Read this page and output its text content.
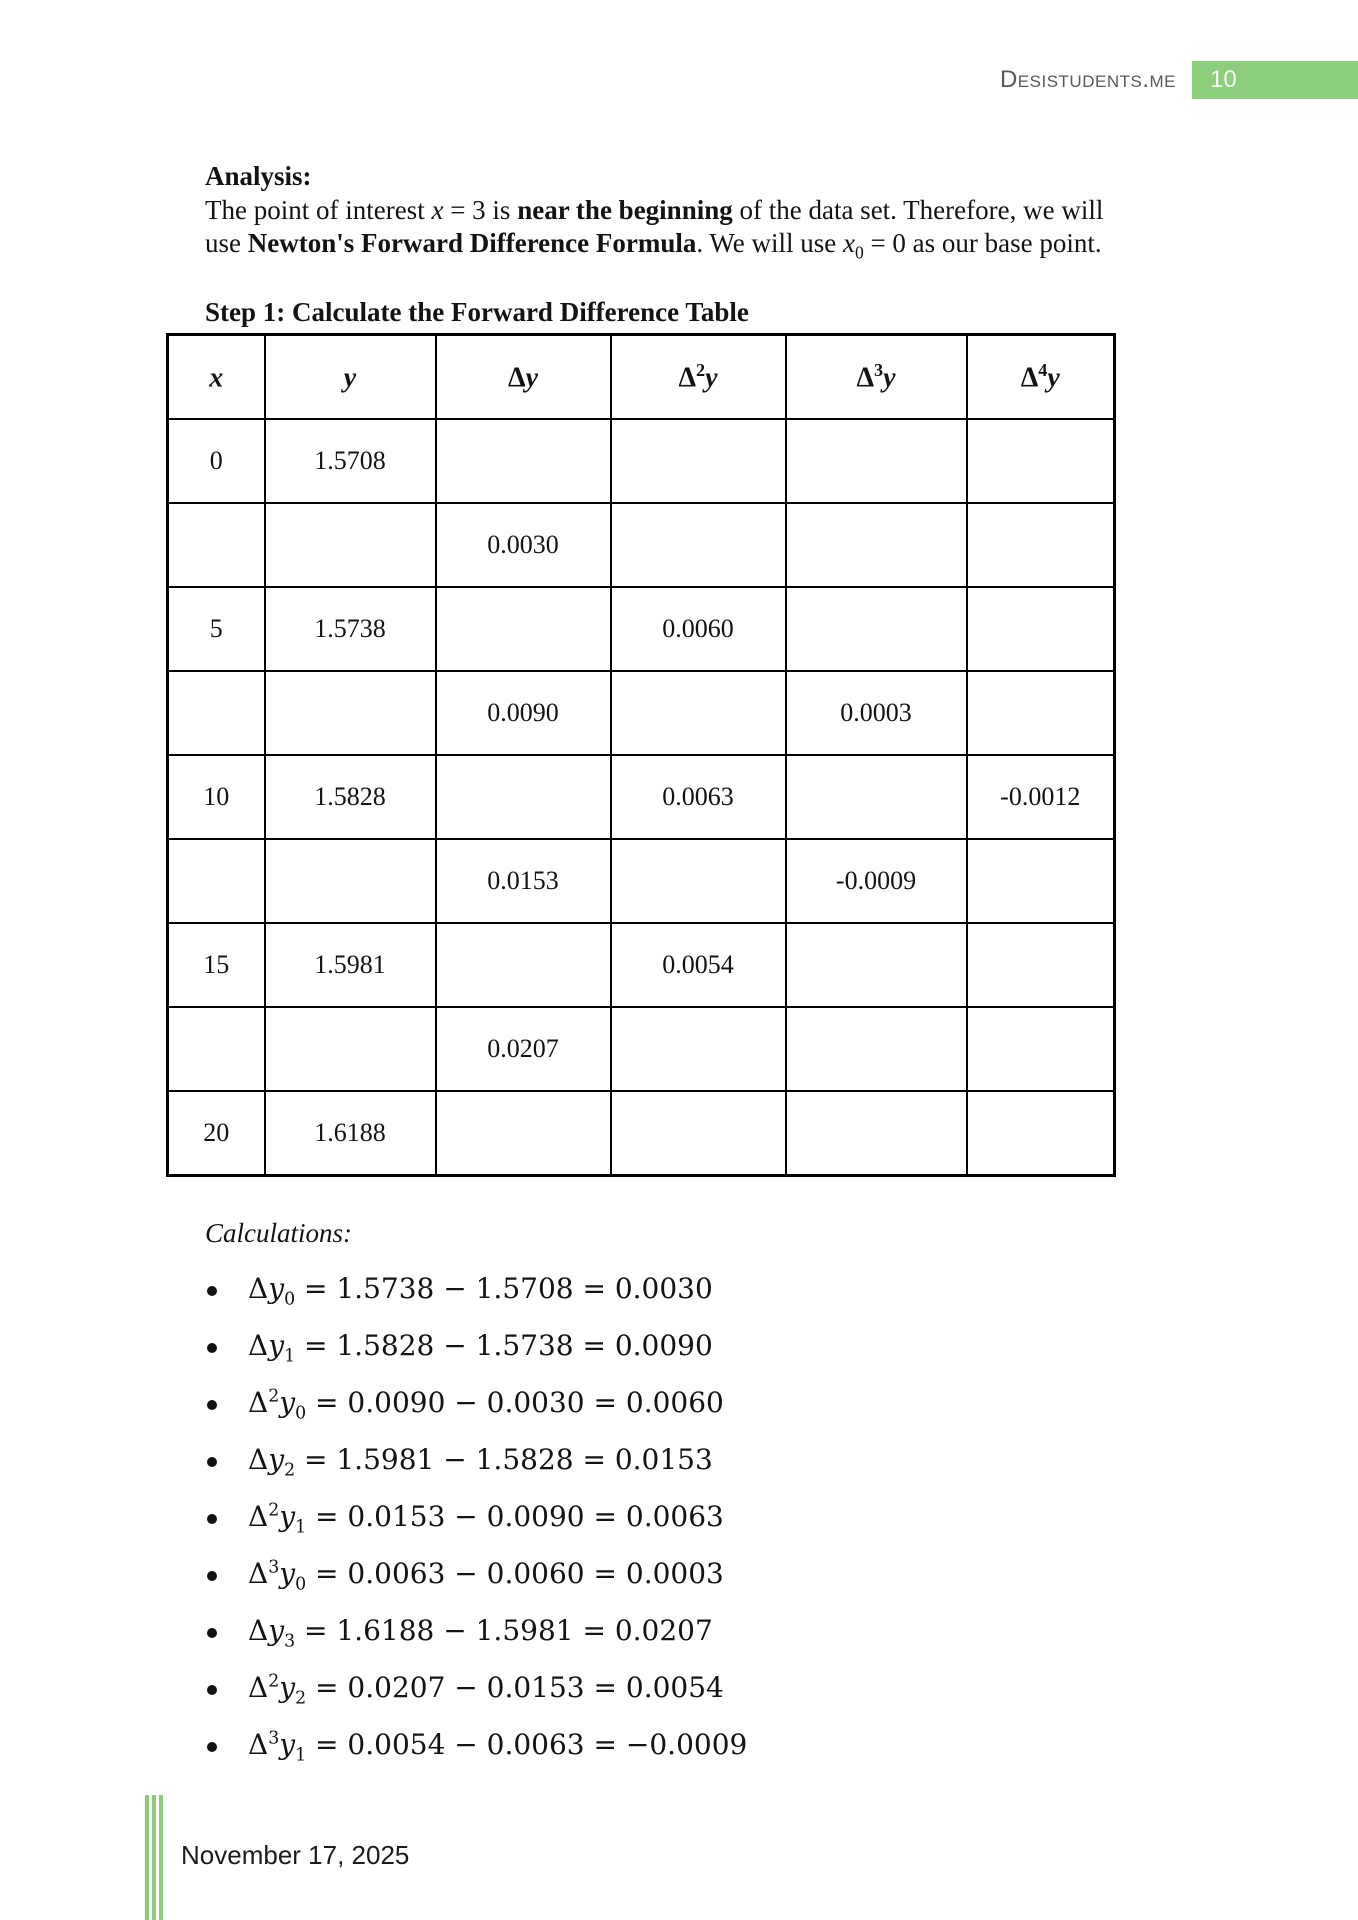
Desistudents.me	10
Analysis:
The point of interest x = 3 is near the beginning of the data set. Therefore, we will
use Newton's Forward Difference Formula. We will use $x_0 = 0$ as our base point.
Step 1: Calculate the Forward Difference Table
x	y	Δy	$\Delta^2y$	$\Delta^3y$	$\Delta^4y$
0	1.5708				
		0.0030			
5	1.5738		0.0060		
		0.0090		0.0003	
10	1.5828		0.0063		-0.0012
		0.0153		-0.0009	
15	1.5981		0.0054		
		0.0207			
20	1.6188				
Calculations:
$\Delta y_0 = 1.5738 - 1.5708 = 0.0030$
$\Delta y_1 = 1.5828 - 1.5738 = 0.0090$
$\Delta^2y_0 = 0.0090 - 0.0030 = 0.0060$
$\Delta y_2 = 1.5981 - 1.5828 = 0.0153$
$\Delta^2y_1 = 0.0153 - 0.0090 = 0.0063$
$\Delta^3y_0 = 0.0063 - 0.0060 = 0.0003$
$\Delta y_3 = 1.6188 - 1.5981 = 0.0207$
$\Delta^2y_2 = 0.0207 - 0.0153 = 0.0054$
$\Delta^3y_1 = 0.0054 - 0.0063 = -0.0009$
November 17, 2025
